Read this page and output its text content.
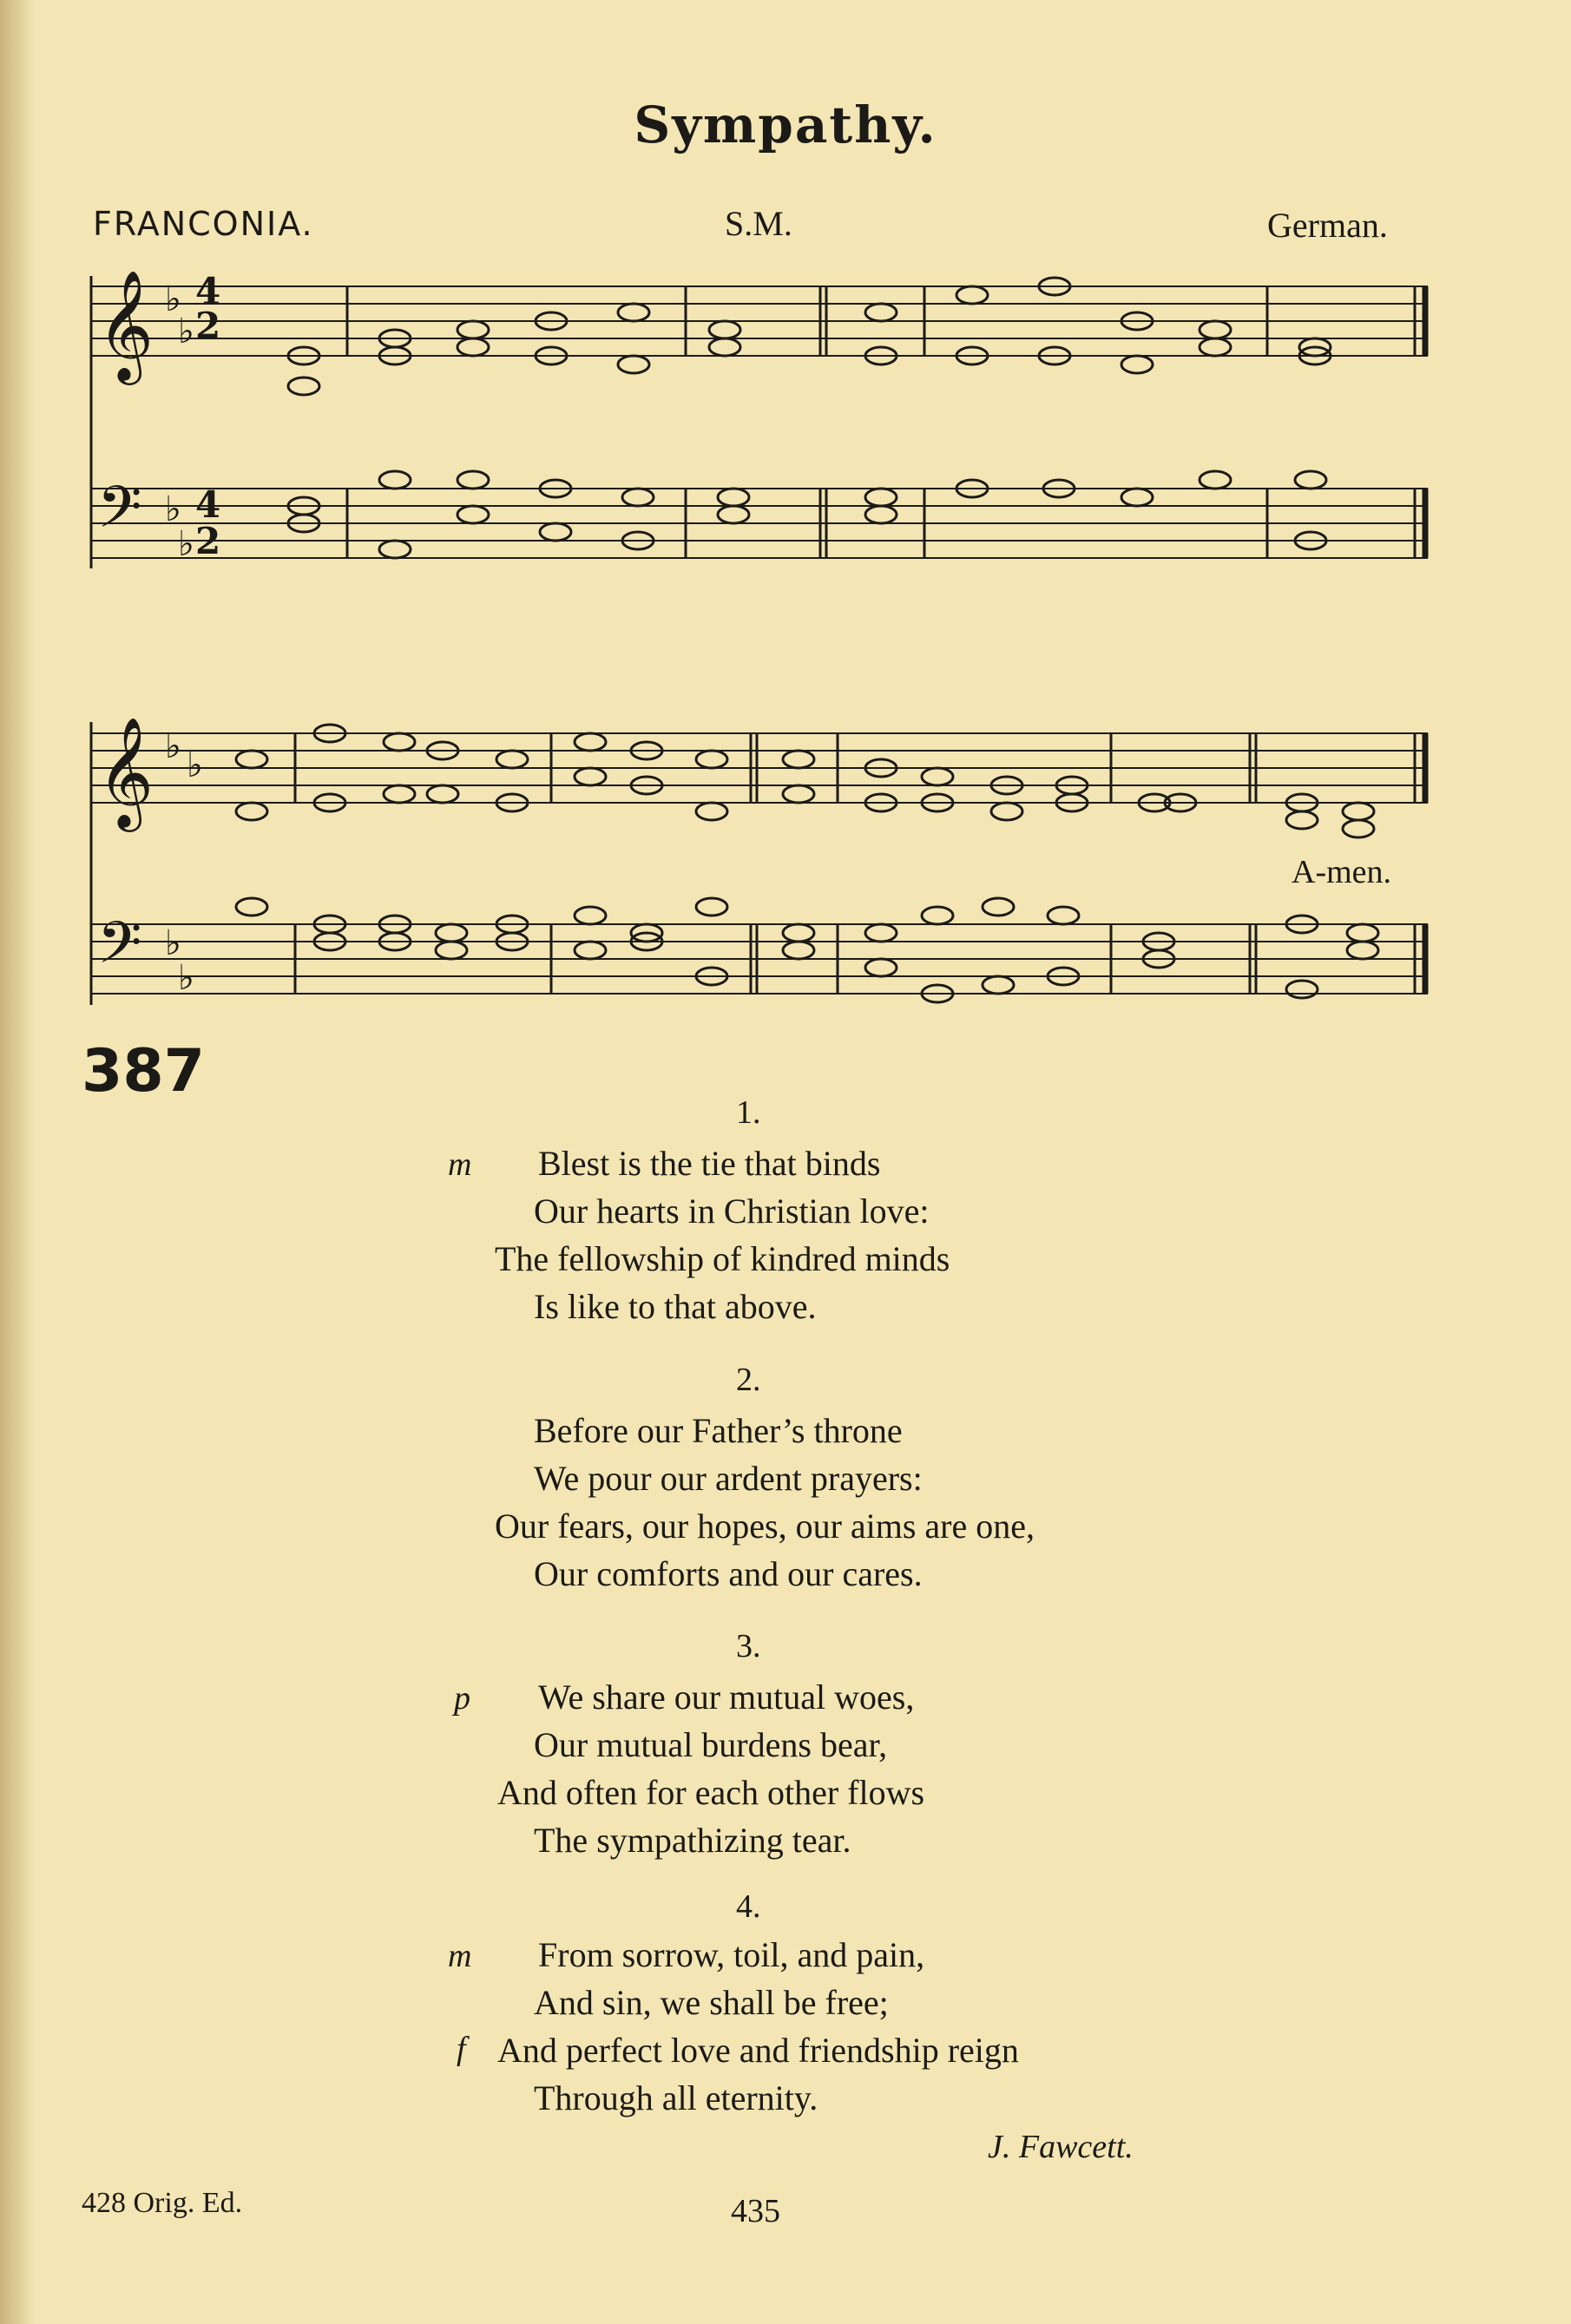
Sympathy.
FRANCONIA.	S.M.	German.
𝄞
𝄢
♭
♭
4
2
♭
♭
4
2
𝄞
𝄢
♭ ♭
♭
♭
A-men.
387
1.
m Blest is the tie that binds
Our hearts in Christian love:
The fellowship of kindred minds
Is like to that above.
2.
Before our Father’s throne
We pour our ardent prayers:
Our fears, our hopes, our aims are one,
Our comforts and our cares.
3.
p We share our mutual woes,
Our mutual burdens bear,
And often for each other flows
The sympathizing tear.
4.
m From sorrow, toil, and pain,
And sin, we shall be free;
f And perfect love and friendship reign
Through all eternity.
J. Fawcett.
428 Orig. Ed.	435
